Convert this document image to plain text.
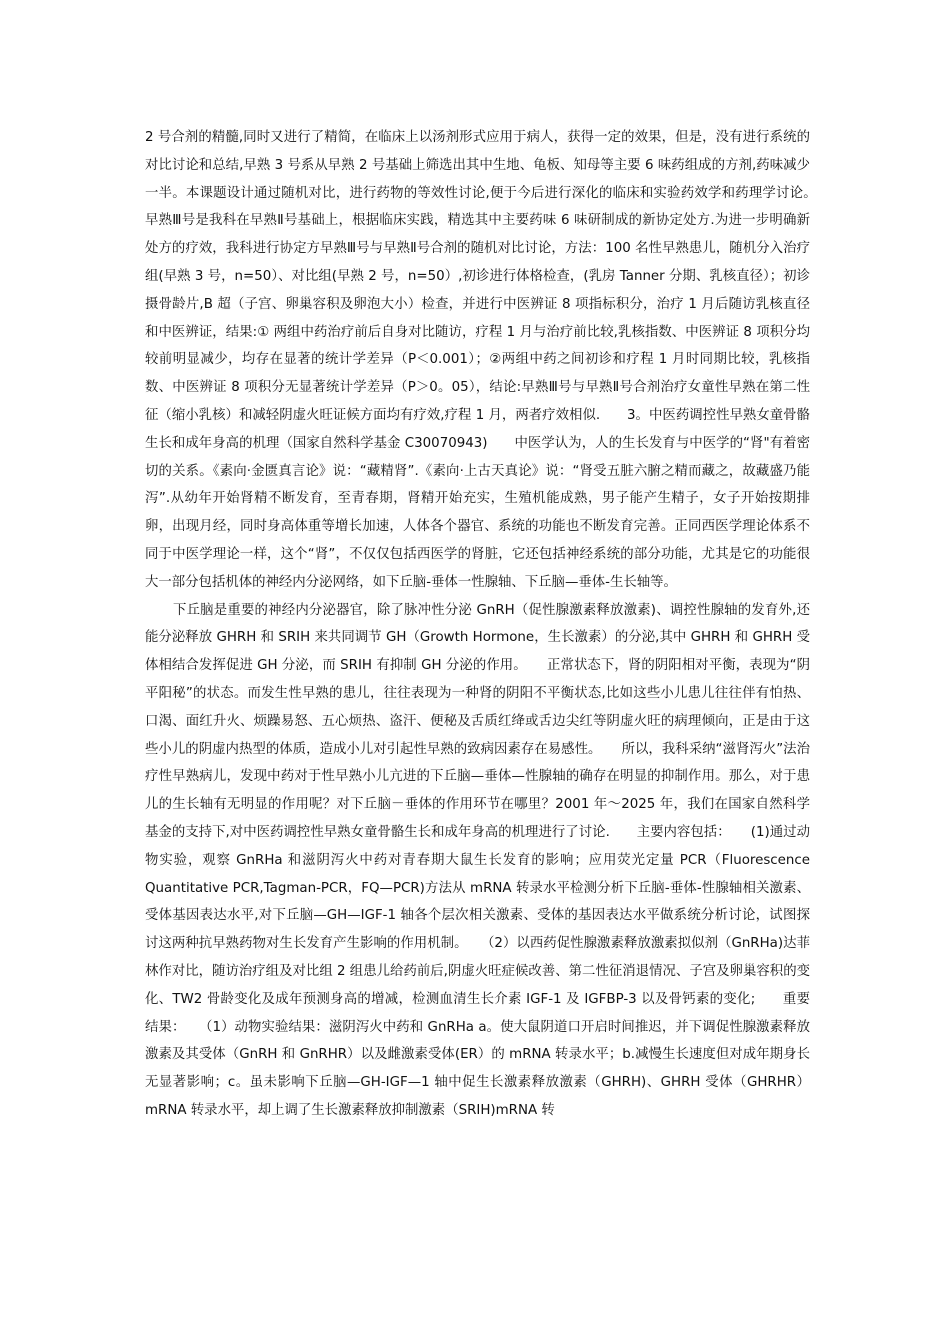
2 号合剂的精髓,同时又进行了精简，在临床上以汤剂形式应用于病人，获得一定的效果，但是，没有进行系统的对比讨论和总结,早熟 3 号系从早熟 2 号基础上筛选出其中生地、龟板、知母等主要 6 味药组成的方剂,药味减少一半。本课题设计通过随机对比，进行药物的等效性讨论,便于今后进行深化的临床和实验药效学和药理学讨论。　　早熟Ⅲ号是我科在早熟Ⅱ号基础上，根据临床实践，精选其中主要药味 6 味研制成的新协定处方.为进一步明确新处方的疗效，我科进行协定方早熟Ⅲ号与早熟Ⅱ号合剂的随机对比讨论，方法：100 名性早熟患儿，随机分入治疗组(早熟 3 号，n=50）、对比组(早熟 2 号，n=50）,初诊进行体格检查，(乳房 Tanner 分期、乳核直径）；初诊摄骨龄片,B 超（子宫、卵巢容积及卵泡大小）检查，并进行中医辨证 8 项指标积分，治疗 1 月后随访乳核直径和中医辨证，结果:① 两组中药治疗前后自身对比随访，疗程 1 月与治疗前比较,乳核指数、中医辨证 8 项积分均较前明显减少，均存在显著的统计学差异（P＜0.001）；②两组中药之间初诊和疗程 1 月时同期比较，乳核指数、中医辨证 8 项积分无显著统计学差异（P＞0。05），结论:早熟Ⅲ号与早熟Ⅱ号合剂治疗女童性早熟在第二性征（缩小乳核）和减轻阴虚火旺证候方面均有疗效,疗程 1 月，两者疗效相似.　　3。中医药调控性早熟女童骨骼生长和成年身高的机理（国家自然科学基金 C30070943)　　中医学认为，人的生长发育与中医学的“肾"有着密切的关系。《素向·金匮真言论》说：“藏精肾”.《素向·上古天真论》说：“肾受五脏六腑之精而藏之，故藏盛乃能泻”.从幼年开始肾精不断发育，至青春期，肾精开始充实，生殖机能成熟，男子能产生精子，女子开始按期排卵，出现月经，同时身高体重等增长加速，人体各个器官、系统的功能也不断发育完善。正同西医学理论体系不同于中医学理论一样，这个“肾”，不仅仅包括西医学的肾脏，它还包括神经系统的部分功能，尤其是它的功能很大一部分包括机体的神经内分泌网络，如下丘脑-垂体一性腺轴、下丘脑—垂体-生长轴等。

下丘脑是重要的神经内分泌器官，除了脉冲性分泌 GnRH（促性腺激素释放激素)、调控性腺轴的发育外,还能分泌释放 GHRH 和 SRIH 来共同调节 GH（Growth Hormone，生长激素）的分泌,其中 GHRH 和 GHRH 受体相结合发挥促进 GH 分泌，而 SRIH 有抑制 GH 分泌的作用。　　正常状态下，肾的阴阳相对平衡，表现为“阴平阳秘”的状态。而发生性早熟的患儿，往往表现为一种肾的阴阳不平衡状态,比如这些小儿患儿往往伴有怕热、口渴、面红升火、烦躁易怒、五心烦热、盗汗、便秘及舌质红绛或舌边尖红等阴虚火旺的病理倾向，正是由于这些小儿的阴虚内热型的体质，造成小儿对引起性早熟的致病因素存在易感性。　　所以，我科采纳“滋肾泻火”法治疗性早熟病儿，发现中药对于性早熟小儿亢进的下丘脑—垂体—性腺轴的确存在明显的抑制作用。那么，对于患儿的生长轴有无明显的作用呢？对下丘脑－垂体的作用环节在哪里？2001 年～2025 年，我们在国家自然科学基金的支持下,对中医药调控性早熟女童骨骼生长和成年身高的机理进行了讨论.　　主要内容包括：　　(1)通过动物实验，观察 GnRHa 和滋阴泻火中药对青春期大鼠生长发育的影响；应用荧光定量 PCR（Fluorescence Quantitative PCR,Tagman-PCR，FQ—PCR)方法从 mRNA 转录水平检测分析下丘脑-垂体-性腺轴相关激素、受体基因表达水平,对下丘脑—GH—IGF-1 轴各个层次相关激素、受体的基因表达水平做系统分析讨论，试图探讨这两种抗早熟药物对生长发育产生影响的作用机制。　　（2）以西药促性腺激素释放激素拟似剂（GnRHa)达菲林作对比，随访治疗组及对比组 2 组患儿给药前后,阴虚火旺症候改善、第二性征消退情况、子宫及卵巢容积的变化、TW2 骨龄变化及成年预测身高的增减，检测血清生长介素 IGF-1 及 IGFBP-3 以及骨钙素的变化;　　重要结果：　　（1）动物实验结果：滋阴泻火中药和 GnRHa a。使大鼠阴道口开启时间推迟，并下调促性腺激素释放激素及其受体（GnRH 和 GnRHR）以及雌激素受体(ER）的 mRNA 转录水平；b.减慢生长速度但对成年期身长无显著影响；c。虽未影响下丘脑—GH-IGF—1 轴中促生长激素释放激素（GHRH)、GHRH 受体（GHRHR）mRNA 转录水平，却上调了生长激素释放抑制激素（SRIH)mRNA 转
